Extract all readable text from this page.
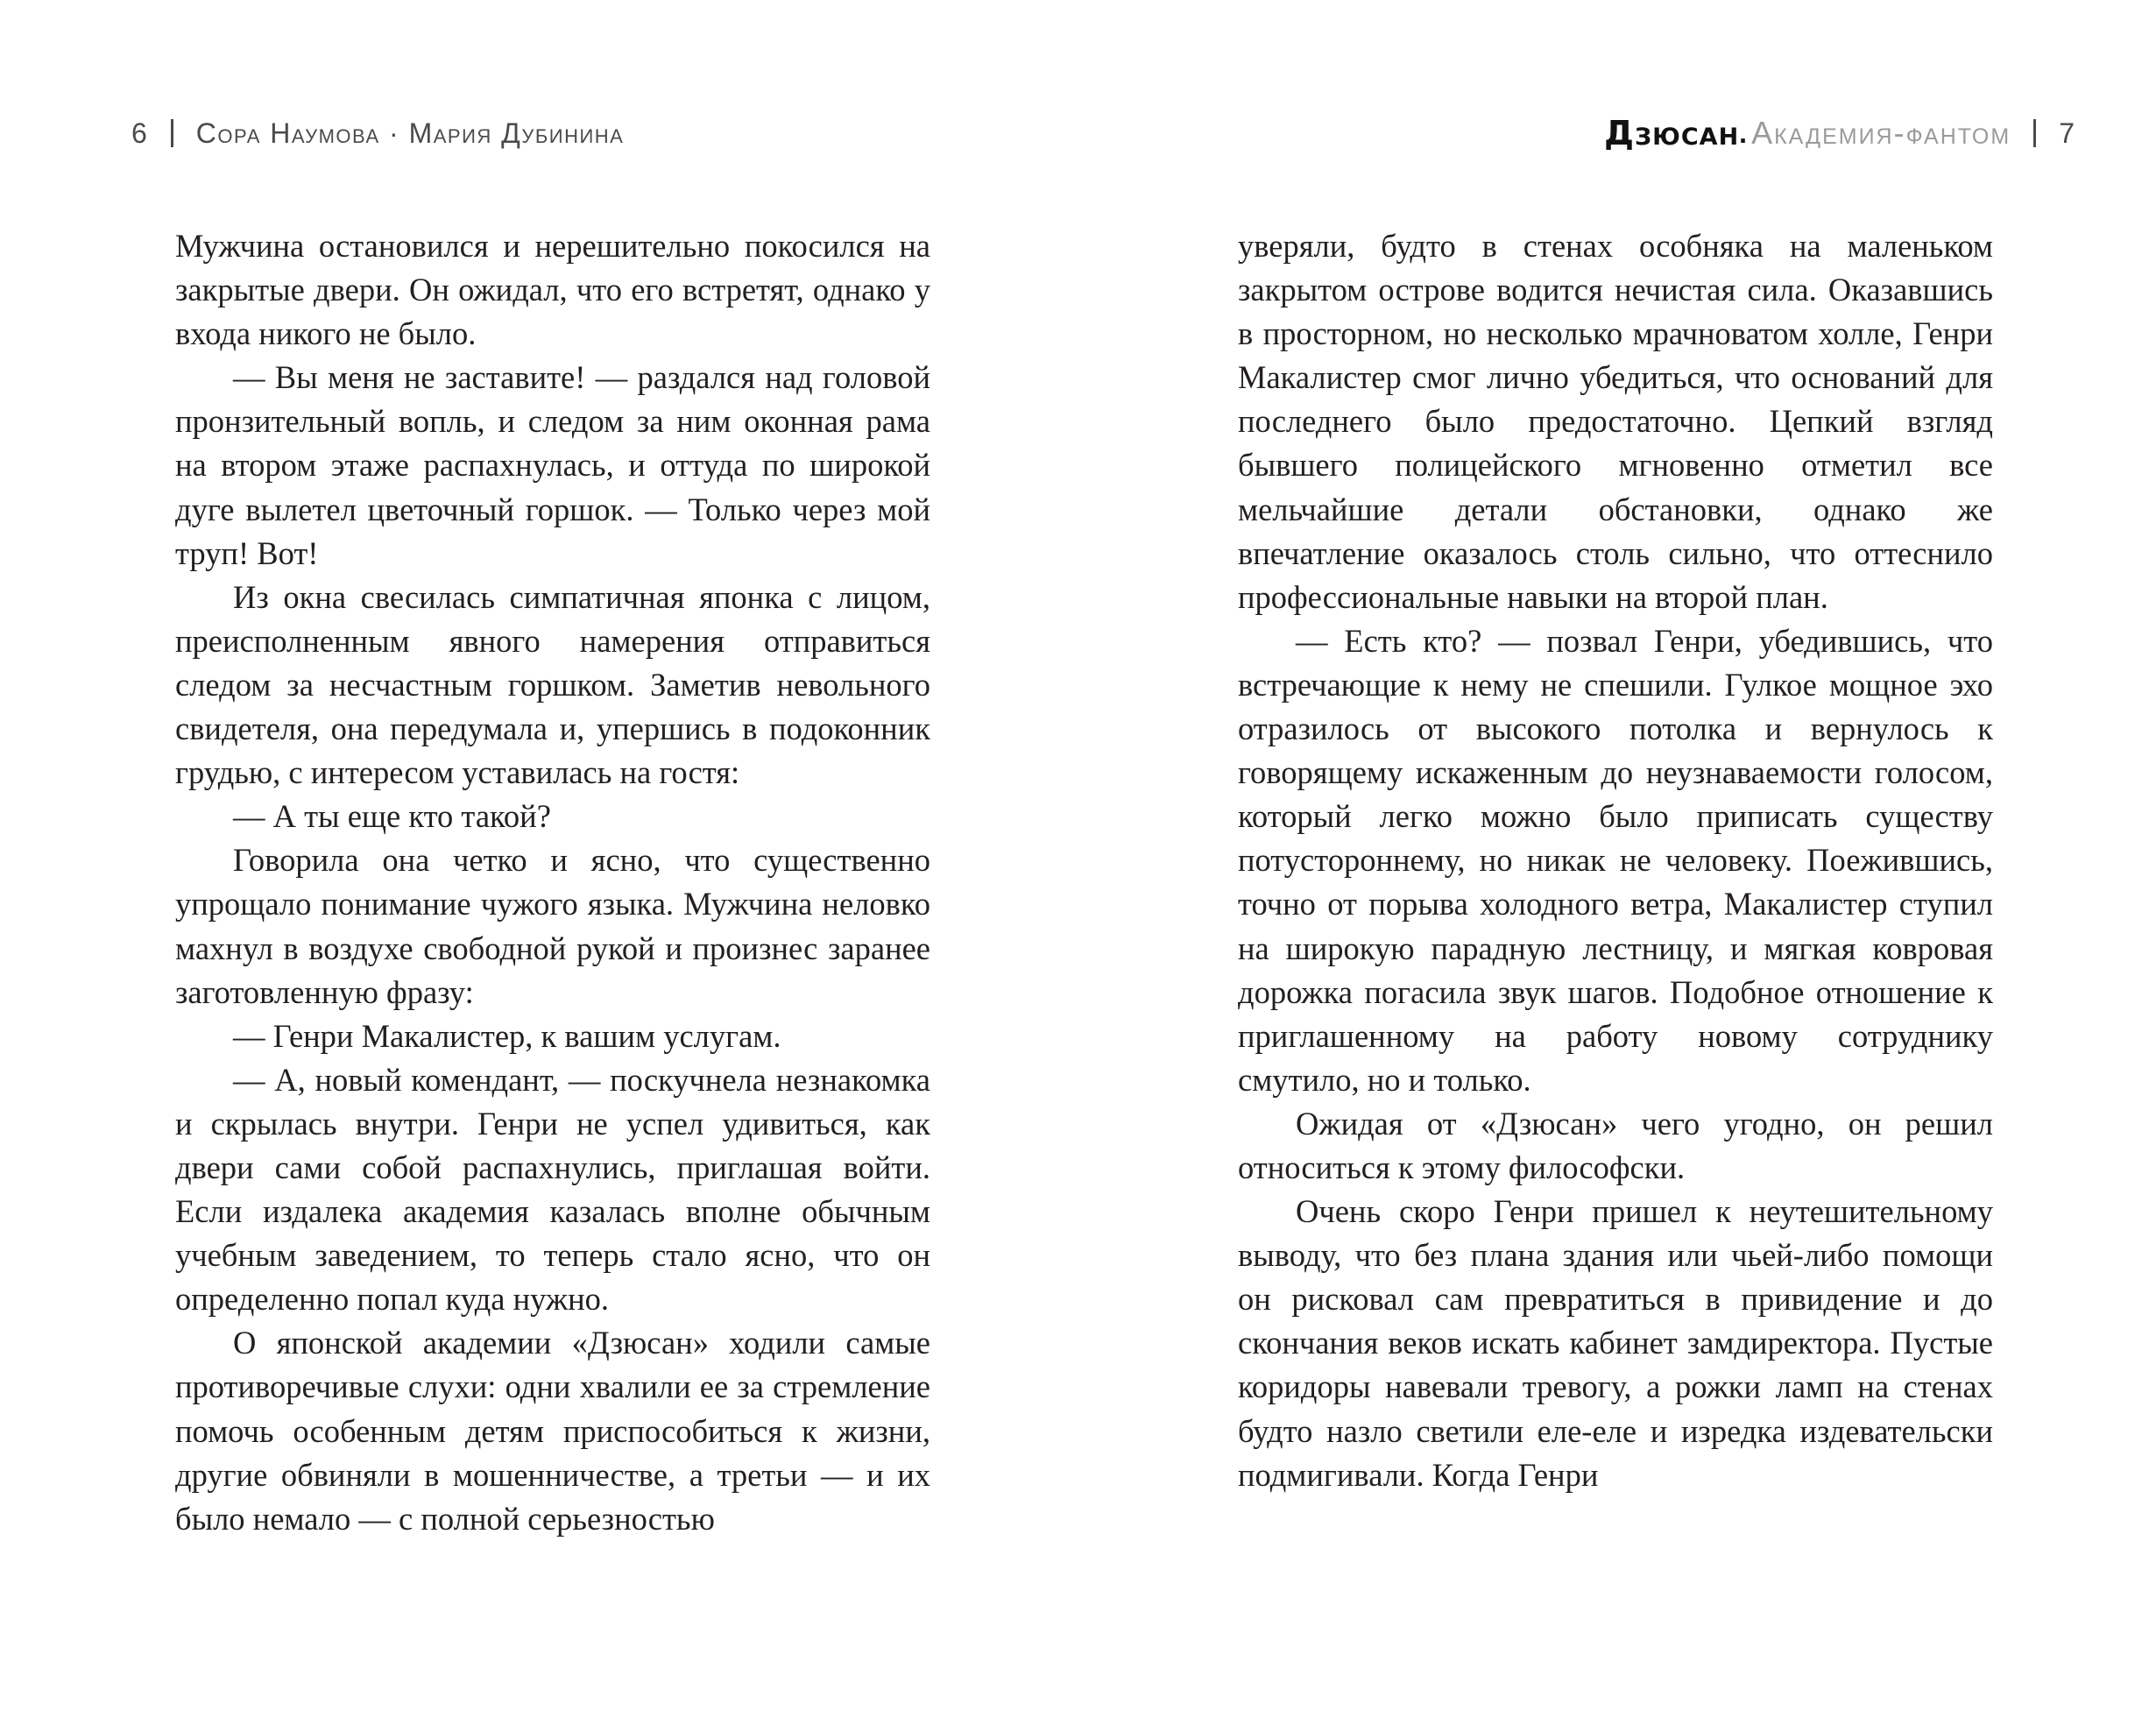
6 Сора Наумова · Мария Дубинина

Мужчина остановился и нерешительно покосился на закрытые двери. Он ожидал, что его встретят, однако у входа никого не было.

— Вы меня не заставите! — раздался над головой пронзительный вопль, и следом за ним оконная рама на втором этаже распахнулась, и оттуда по широкой дуге вылетел цветочный горшок. — Только через мой труп! Вот!

Из окна свесилась симпатичная японка с лицом, преисполненным явного намерения отправиться следом за несчастным горшком. Заметив невольного свидетеля, она передумала и, упершись в подоконник грудью, с интересом уставилась на гостя:

— А ты еще кто такой?

Говорила она четко и ясно, что существенно упрощало понимание чужого языка. Мужчина неловко махнул в воздухе свободной рукой и произнес заранее заготовленную фразу:

— Генри Макалистер, к вашим услугам.

— А, новый комендант, — поскучнела незнакомка и скрылась внутри. Генри не успел удивиться, как двери сами собой распахнулись, приглашая войти. Если издалека академия казалась вполне обычным учебным заведением, то теперь стало ясно, что он определенно попал куда нужно.

О японской академии «Дзюсан» ходили самые противоречивые слухи: одни хвалили ее за стремление помочь особенным детям приспособиться к жизни, другие обвиняли в мошенничестве, а третьи — и их было немало — с полной серьезностью

Дзюсан . Академия-фантом 7

уверяли, будто в стенах особняка на маленьком закрытом острове водится нечистая сила. Оказавшись в просторном, но несколько мрачноватом холле, Генри Макалистер смог лично убедиться, что оснований для последнего было предостаточно. Цепкий взгляд бывшего полицейского мгновенно отметил все мельчайшие детали обстановки, однако же впечатление оказалось столь сильно, что оттеснило профессиональные навыки на второй план.

— Есть кто? — позвал Генри, убедившись, что встречающие к нему не спешили. Гулкое мощное эхо отразилось от высокого потолка и вернулось к говорящему искаженным до неузнаваемости голосом, который легко можно было приписать существу потустороннему, но никак не человеку. Поежившись, точно от порыва холодного ветра, Макалистер ступил на широкую парадную лестницу, и мягкая ковровая дорожка погасила звук шагов. Подобное отношение к приглашенному на работу новому сотруднику смутило, но и только.

Ожидая от «Дзюсан» чего угодно, он решил относиться к этому философски.

Очень скоро Генри пришел к неутешительному выводу, что без плана здания или чьей-либо помощи он рисковал сам превратиться в привидение и до скончания веков искать кабинет замдиректора. Пустые коридоры навевали тревогу, а рожки ламп на стенах будто назло светили еле-еле и изредка издевательски подмигивали. Когда Генри
